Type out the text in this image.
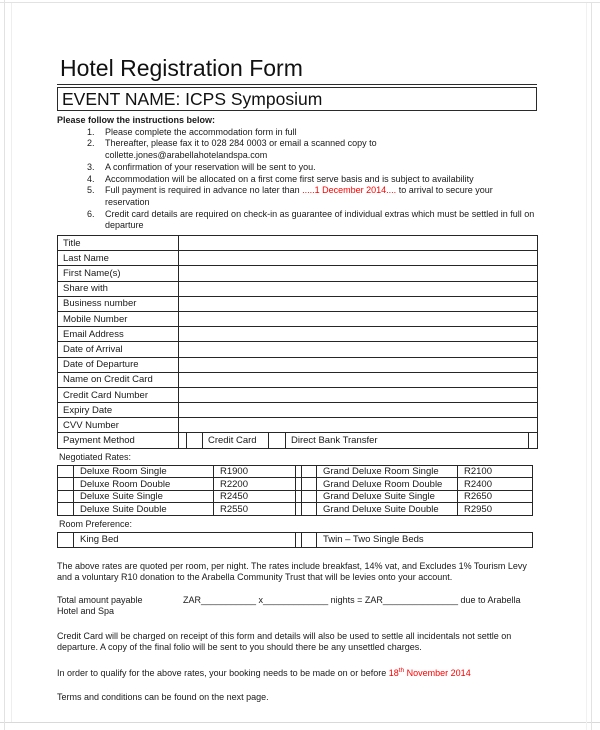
Hotel Registration Form
EVENT NAME: ICPS Symposium
Please follow the instructions below:
1.	Please complete the accommodation form in full
2.	Thereafter, please fax it to 028 284 0003 or email a scanned copy to collette.jones@arabellahotelandspa.com
3.	A confirmation of your reservation will be sent to you.
4.	Accommodation will be allocated on a first come first serve basis and is subject to availability
5.	Full payment is required in advance no later than .....1 December 2014.... to arrival to secure your reservation
6.	Credit card details are required on check-in as guarantee of individual extras which must be settled in full on departure
Title						
Last Name						
First Name(s)						
Share with						
Business number						
Mobile Number						
Email Address						
Date of Arrival						
Date of Departure						
Name on Credit Card						
Credit Card Number						
Expiry Date						
CVV Number						
Payment Method			Credit Card		Direct Bank Transfer	
Negotiated Rates:
	Deluxe Room Single	R1900			Grand Deluxe Room Single	R2100
	Deluxe Room Double	R2200			Grand Deluxe Room Double	R2400
	Deluxe Suite Single	R2450			Grand Deluxe Suite Single	R2650
	Deluxe Suite Double	R2550			Grand Deluxe Suite Double	R2950
Room Preference:
	King Bed			Twin – Two Single Beds
The above rates are quoted per room, per night. The rates include breakfast, 14% vat, and Excludes 1% Tourism Levy and a voluntary R10 donation to the Arabella Community Trust that will be levies onto your account.
Total amount payable	ZAR___________ x_____________ nights = ZAR_______________ due to Arabella
Hotel and Spa
Credit Card will be charged on receipt of this form and details will also be used to settle all incidentals not settle on departure. A copy of the final folio will be sent to you should there be any unsettled charges.
In order to qualify for the above rates, your booking needs to be made on or before 18th November 2014
Terms and conditions can be found on the next page.
